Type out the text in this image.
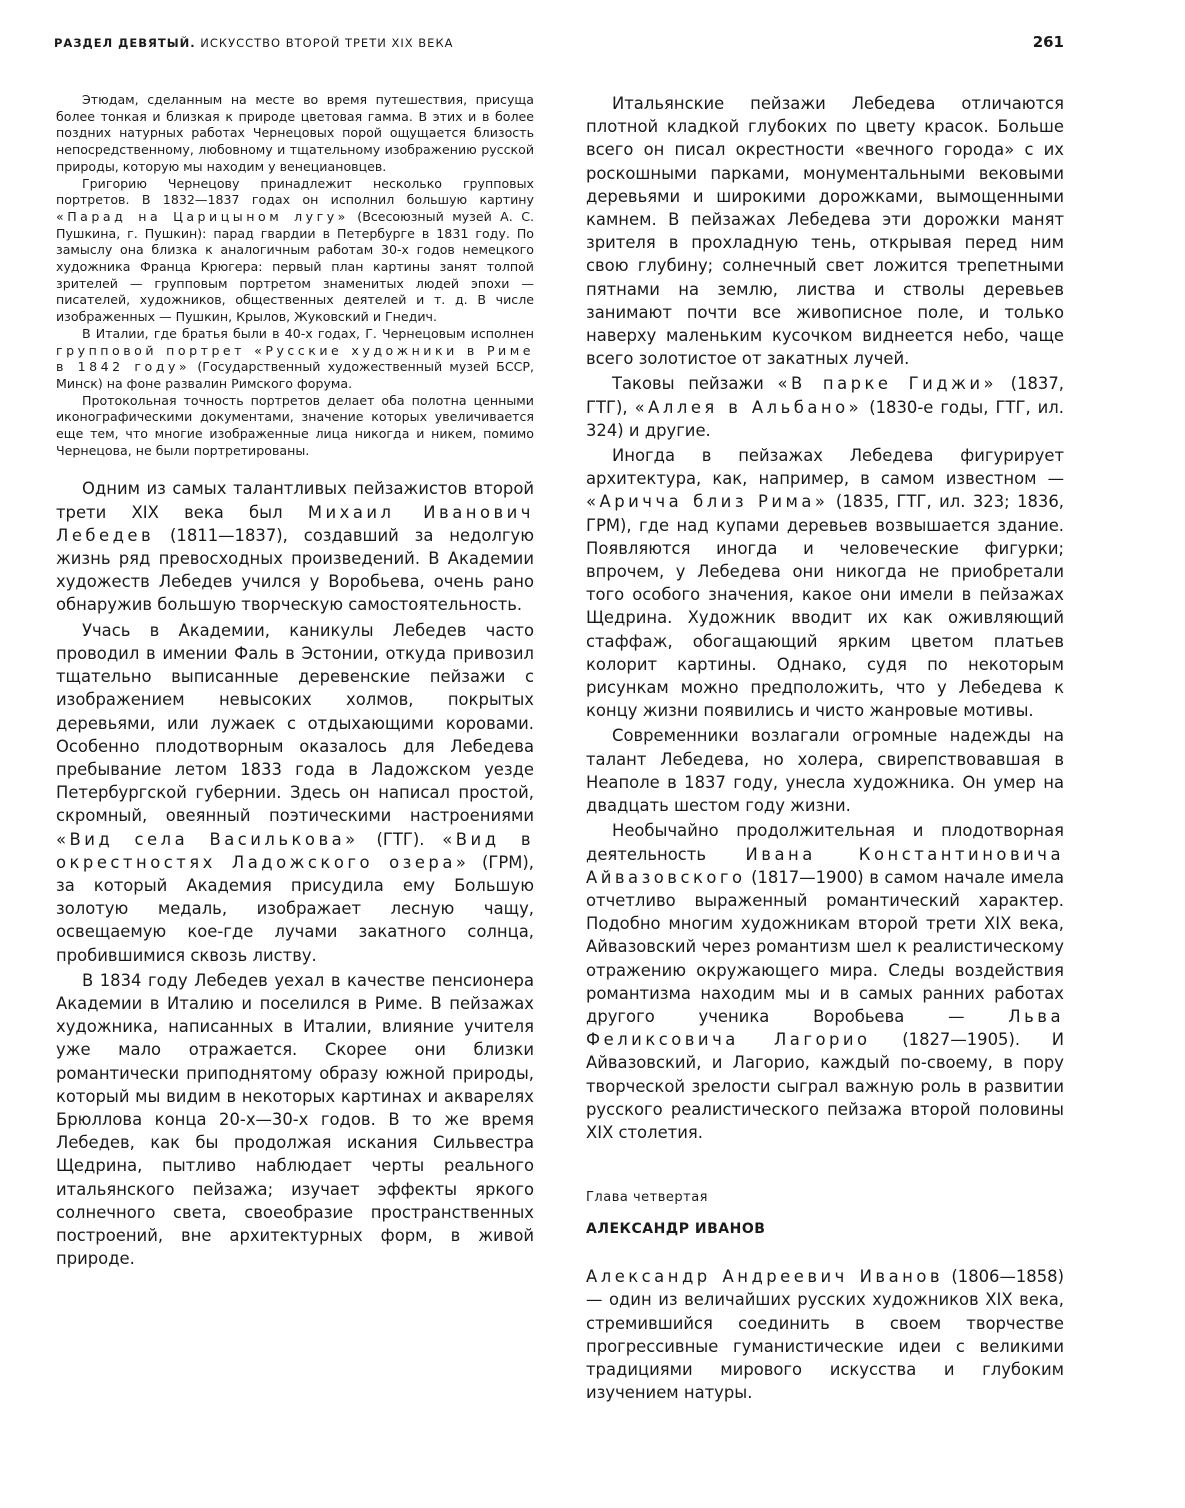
РАЗДЕЛ ДЕВЯТЫЙ. ИСКУССТВО ВТОРОЙ ТРЕТИ XIX ВЕКА	261

Этюдам, сделанным на месте во время путешествия, присуща более тонкая и близкая к природе цветовая гамма. В этих и в более поздних натурных работах Чернецовых порой ощущается близость непосредственному, любовному и тщательному изображению русской природы, которую мы находим у венециановцев.

Григорию Чернецову принадлежит несколько групповых портретов. В 1832—1837 годах он исполнил большую картину «Парад на Царицыном лугу» (Всесоюзный музей А. С. Пушкина, г. Пушкин): парад гвардии в Петербурге в 1831 году. По замыслу она близка к аналогичным работам 30-х годов немецкого художника Франца Крюгера: первый план картины занят толпой зрителей — групповым портретом знаменитых людей эпохи — писателей, художников, общественных деятелей и т. д. В числе изображенных — Пушкин, Крылов, Жуковский и Гнедич.

В Италии, где братья были в 40-х годах, Г. Чернецовым исполнен групповой портрет «Русские художники в Риме в 1842 году» (Государственный художественный музей БССР, Минск) на фоне развалин Римского форума.

Протокольная точность портретов делает оба полотна ценными иконографическими документами, значение которых увеличивается еще тем, что многие изображенные лица никогда и никем, помимо Чернецова, не были портретированы.

Одним из самых талантливых пейзажистов второй трети XIX века был Михаил Иванович Лебедев (1811—1837), создавший за недолгую жизнь ряд превосходных произведений. В Академии художеств Лебедев учился у Воробьева, очень рано обнаружив большую творческую самостоятельность.

Учась в Академии, каникулы Лебедев часто проводил в имении Фаль в Эстонии, откуда привозил тщательно выписанные деревенские пейзажи с изображением невысоких холмов, покрытых деревьями, или лужаек с отдыхающими коровами. Особенно плодотворным оказалось для Лебедева пребывание летом 1833 года в Ладожском уезде Петербургской губернии. Здесь он написал простой, скромный, овеянный поэтическими настроениями «Вид села Василькова» (ГТГ). «Вид в окрестностях Ладожского озера» (ГРМ), за который Академия присудила ему Большую золотую медаль, изображает лесную чащу, освещаемую кое-где лучами закатного солнца, пробившимися сквозь листву.

В 1834 году Лебедев уехал в качестве пенсионера Академии в Италию и поселился в Риме. В пейзажах художника, написанных в Италии, влияние учителя уже мало отражается. Скорее они близки романтически приподнятому образу южной природы, который мы видим в некоторых картинах и акварелях Брюллова конца 20-х—30-х годов. В то же время Лебедев, как бы продолжая искания Сильвестра Щедрина, пытливо наблюдает черты реального итальянского пейзажа; изучает эффекты яркого солнечного света, своеобразие пространственных построений, вне архитектурных форм, в живой природе.

Итальянские пейзажи Лебедева отличаются плотной кладкой глубоких по цвету красок. Больше всего он писал окрестности «вечного города» с их роскошными парками, монументальными вековыми деревьями и широкими дорожками, вымощенными камнем. В пейзажах Лебедева эти дорожки манят зрителя в прохладную тень, открывая перед ним свою глубину; солнечный свет ложится трепетными пятнами на землю, листва и стволы деревьев занимают почти все живописное поле, и только наверху маленьким кусочком виднеется небо, чаще всего золотистое от закатных лучей.

Таковы пейзажи «В парке Гиджи» (1837, ГТГ), «Аллея в Альбано» (1830-е годы, ГТГ, ил. 324) и другие.

Иногда в пейзажах Лебедева фигурирует архитектура, как, например, в самом известном — «Ариччa близ Рима» (1835, ГТГ, ил. 323; 1836, ГРМ), где над купами деревьев возвышается здание. Появляются иногда и человеческие фигурки; впрочем, у Лебедева они никогда не приобретали того особого значения, какое они имели в пейзажах Щедрина. Художник вводит их как оживляющий стаффаж, обогащающий ярким цветом платьев колорит картины. Однако, судя по некоторым рисункам можно предположить, что у Лебедева к концу жизни появились и чисто жанровые мотивы.

Современники возлагали огромные надежды на талант Лебедева, но холера, свирепствовавшая в Неаполе в 1837 году, унесла художника. Он умер на двадцать шестом году жизни.

Необычайно продолжительная и плодотворная деятельность Ивана Константиновича Айвазовского (1817—1900) в самом начале имела отчетливо выраженный романтический характер. Подобно многим художникам второй трети XIX века, Айвазовский через романтизм шел к реалистическому отражению окружающего мира. Следы воздействия романтизма находим мы и в самых ранних работах другого ученика Воробьева — Льва Феликсовича Лагорио (1827—1905). И Айвазовский, и Лагорио, каждый по-своему, в пору творческой зрелости сыграл важную роль в развитии русского реалистического пейзажа второй половины XIX столетия.

Глава четвертая
АЛЕКСАНДР ИВАНОВ

Александр Андреевич Иванов (1806—1858) — один из величайших русских художников XIX века, стремившийся соединить в своем творчестве прогрессивные гуманистические идеи с великими традициями мирового искусства и глубоким изучением натуры.
